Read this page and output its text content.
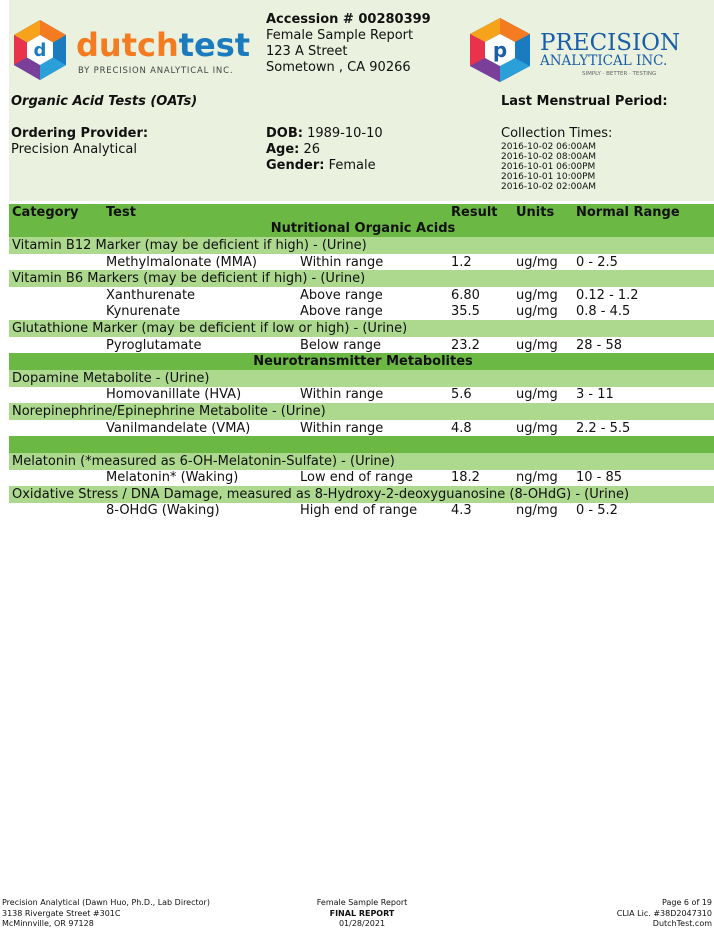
d dutchtest
BY PRECISION ANALYTICAL INC.
p PRECISION
ANALYTICAL INC.
SIMPLY · BETTER · TESTING
Accession # 00280399
Female Sample Report
123 A Street
Sometown , CA 90266
Organic Acid Tests (OATs)	Last Menstrual Period:
Ordering Provider:
Precision Analytical
DOB: 1989-10-10
Age: 26
Gender: Female
Collection Times:
2016-10-02 06:00AM
2016-10-02 08:00AM
2016-10-01 06:00PM
2016-10-01 10:00PM
2016-10-02 02:00AM
Category	Test		Result	Units	Normal Range
Nutritional Organic Acids					
Vitamin B12 Marker (may be deficient if high) - (Urine)					
	Methylmalonate (MMA)	Within range	1.2	ug/mg	0 - 2.5
Vitamin B6 Markers (may be deficient if high) - (Urine)					
	Xanthurenate	Above range	6.80	ug/mg	0.12 - 1.2
	Kynurenate	Above range	35.5	ug/mg	0.8 - 4.5
Glutathione Marker (may be deficient if low or high) - (Urine)					
	Pyroglutamate	Below range	23.2	ug/mg	28 - 58
Neurotransmitter Metabolites					
Dopamine Metabolite - (Urine)					
	Homovanillate (HVA)	Within range	5.6	ug/mg	3 - 11
Norepinephrine/Epinephrine Metabolite - (Urine)					
	Vanilmandelate (VMA)	Within range	4.8	ug/mg	2.2 - 5.5

Melatonin (*measured as 6-OH-Melatonin-Sulfate) - (Urine)					
	Melatonin* (Waking)	Low end of range	18.2	ng/mg	10 - 85
Oxidative Stress / DNA Damage, measured as 8-Hydroxy-2-deoxyguanosine (8-OHdG) - (Urine)					
	8-OHdG (Waking)	High end of range	4.3	ng/mg	0 - 5.2
Precision Analytical (Dawn Huo, Ph.D., Lab Director)
3138 Rivergate Street #301C
McMinnville, OR 97128
Female Sample Report
FINAL REPORT
01/28/2021
Page 6 of 19
CLIA Lic. #38D2047310
DutchTest.com
